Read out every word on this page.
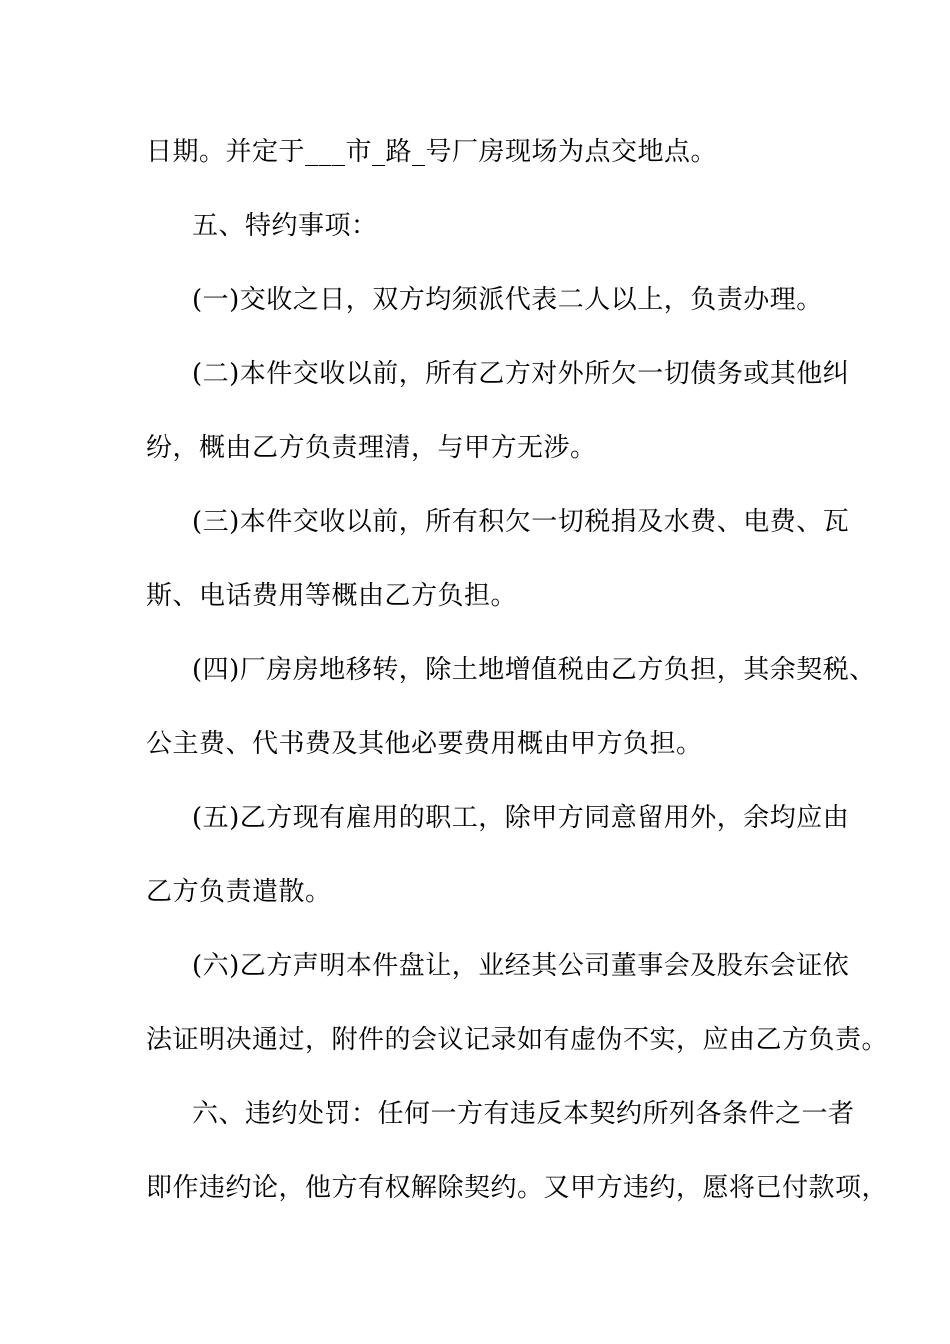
日期。并定于___市_路_号厂房现场为点交地点。
五、特约事项：
(一)交收之日，双方均须派代表二人以上，负责办理。
(二)本件交收以前，所有乙方对外所欠一切债务或其他纠
纷，概由乙方负责理清，与甲方无涉。
(三)本件交收以前，所有积欠一切税捐及水费、电费、瓦
斯、电话费用等概由乙方负担。
(四)厂房房地移转，除土地增值税由乙方负担，其余契税、
公主费、代书费及其他必要费用概由甲方负担。
(五)乙方现有雇用的职工，除甲方同意留用外，余均应由
乙方负责遣散。
(六)乙方声明本件盘让，业经其公司董事会及股东会证依
法证明决通过，附件的会议记录如有虚伪不实，应由乙方负责。
六、违约处罚：任何一方有违反本契约所列各条件之一者
即作违约论，他方有权解除契约。又甲方违约，愿将已付款项，
